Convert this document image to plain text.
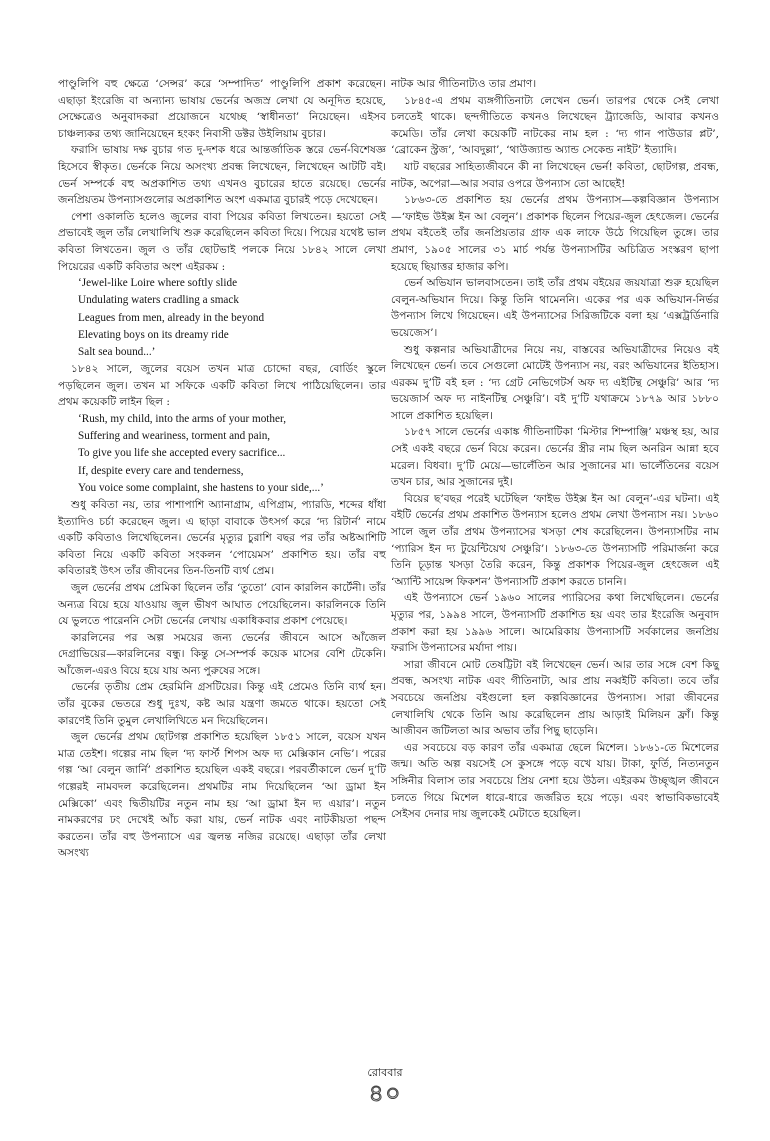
পাণ্ডুলিপি বহু ক্ষেত্রে ‘সেন্সর’ করে ‘সম্পাদিত’ পাণ্ডুলিপি প্রকাশ করেছেন। এছাড়া ইংরেজি বা অন্যান্য ভাষায় ভের্নের অজস্র লেখা যে অনূদিত হয়েছে, সেক্ষেত্রেও অনুবাদকরা প্রয়োজনে যথেচ্ছ ‘স্বাধীনতা’ নিয়েছেন। এইসব চাঞ্চল্যকর তথ্য জানিয়েছেন হংকং নিবাসী ডক্টর উইলিয়াম বুচার।

ফরাসি ভাষায় দক্ষ বুচার গত দু-দশক ধরে আন্তর্জাতিক স্তরে ভের্ন-বিশেষজ্ঞ হিসেবে স্বীকৃত। ভের্নকে নিয়ে অসংখ্য প্রবন্ধ লিখেছেন, লিখেছেন আটটি বই। ভের্ন সম্পর্কে বহু অপ্রকাশিত তথ্য এখনও বুচারের হাতে রয়েছে। ভের্নের জনপ্রিয়তম উপন্যাসগুলোর অপ্রকাশিত অংশ একমাত্র বুচারই পড়ে দেখেছেন।

পেশা ওকালতি হলেও জুলের বাবা পিয়ের কবিতা লিখতেন। হয়তো সেই প্রভাবেই জুল তাঁর লেখালিখি শুরু করেছিলেন কবিতা দিয়ে। পিয়ের যথেষ্ট ভাল কবিতা লিখতেন। জুল ও তাঁর ছোটভাই পলকে নিয়ে ১৮৪২ সালে লেখা পিয়েরের একটি কবিতার অংশ এইরকম :

‘Jewel-like Loire where softly slide
Undulating waters cradling a smack
Leagues from men, already in the beyond
Elevating boys on its dreamy ride
Salt sea bound...’

১৮৪২ সালে, জুলের বয়েস তখন মাত্র চোদ্দো বছর, বোর্ডিং স্কুলে পড়ছিলেন জুল। তখন মা সফিকে একটি কবিতা লিখে পাঠিয়েছিলেন। তার প্রথম কয়েকটি লাইন ছিল :

‘Rush, my child, into the arms of your mother,
Suffering and weariness, torment and pain,
To give you life she accepted every sacrifice...
If, despite every care and tenderness,
You voice some complaint, she hastens to your side,...’

শুধু কবিতা নয়, তার পাশাপাশি অ্যানাগ্রাম, এপিগ্রাম, প্যারডি, শব্দের ধাঁধা ইত্যাদিও চর্চা করেছেন জুল। এ ছাড়া বাবাকে উৎসর্গ করে ‘দ্য রিটার্ন’ নামে একটি কবিতাও লিখেছিলেন। ভের্নের মৃত্যুর চুরাশি বছর পর তাঁর অষ্টআশিটি কবিতা নিয়ে একটি কবিতা সংকলন ‘পোয়েমস’ প্রকাশিত হয়। তাঁর বহু কবিতারই উৎস তাঁর জীবনের তিন-তিনটি ব্যর্থ প্রেম।

জুল ভের্নের প্রথম প্রেমিকা ছিলেন তাঁর ‘তুতো’ বোন কারলিন কার্টেনী। তাঁর অন্যত্র বিয়ে হয়ে যাওয়ায় জুল ভীষণ আঘাত পেয়েছিলেন। কারলিনকে তিনি যে ভুলতে পারেননি সেটা ভের্নের লেখায় একাধিকবার প্রকাশ পেয়েছে।

কারলিনের পর অল্প সময়ের জন্য ভের্নের জীবনে আসে আঁজেল দেগ্রাভিয়ের—কারলিনের বন্ধু। কিন্তু সে-সম্পর্ক কয়েক মাসের বেশি টেকেনি। আঁজেল-এরও বিয়ে হয়ে যায় অন্য পুরুষের সঙ্গে।

ভের্নের তৃতীয় প্রেম হেরমিনি গ্রসটিয়ের। কিন্তু এই প্রেমেও তিনি ব্যর্থ হন। তাঁর বুকের ভেতরে শুধু দুঃখ, কষ্ট আর যন্ত্রণা জমতে থাকে। হয়তো সেই কারণেই তিনি তুমুল লেখালিখিতে মন দিয়েছিলেন।

জুল ভের্নের প্রথম ছোটগল্প প্রকাশিত হয়েছিল ১৮৫১ সালে, বয়েস যখন মাত্র তেইশ। গল্পের নাম ছিল ‘দ্য ফার্স্ট শিপস অফ দ্য মেক্সিকান নেভি’। পরের গল্প ‘আ বেলুন জার্নি’ প্রকাশিত হয়েছিল একই বছরে। পরবর্তীকালে ভের্ন দু’টি গল্পেরই নামবদল করেছিলেন। প্রথমটির নাম দিয়েছিলেন ‘আ ড্রামা ইন মেক্সিকো’ এবং দ্বিতীয়টির নতুন নাম হয় ‘আ ড্রামা ইন দ্য এয়ার’। নতুন নামকরণের ঢং দেখেই আঁচ করা যায়, ভের্ন নাটক এবং নাটকীয়তা পছন্দ করতেন। তাঁর বহু উপন্যাসে এর জ্বলন্ত নজির রয়েছে। এছাড়া তাঁর লেখা অসংখ্য

নাটক আর গীতিনাট্যও তার প্রমাণ।

১৮৪৫-এ প্রথম ব্যঙ্গগীতিনাট্য লেখেন ভের্ন। তারপর থেকে সেই লেখা চলতেই থাকে। ছন্দগীতিতে কখনও লিখেছেন ট্র্যাজেডি, আবার কখনও কমেডি। তাঁর লেখা কয়েকটি নাটকের নাম হল : ‘দ্য গান পাউডার প্লট’, ‘ব্রোকেন স্ট্রজ’, ‘আবদুল্লা’, ‘থাউজ্যান্ড অ্যান্ড সেকেন্ড নাইট’ ইত্যাদি।

যাট বছরের সাহিত্যজীবনে কী না লিখেছেন ভের্ন! কবিতা, ছোটগল্প, প্রবন্ধ, নাটক, অপেরা—আর সবার ওপরে উপন্যাস তো আছেই!

১৮৬৩-তে প্রকাশিত হয় ভের্নের প্রথম উপন্যাস—কল্পবিজ্ঞান উপন্যাস—‘ফাইভ উইক্স ইন আ বেলুন’। প্রকাশক ছিলেন পিয়ের-জুল হেৎজেল। ভের্নের প্রথম বইতেই তাঁর জনপ্রিয়তার গ্রাফ এক লাফে উঠে গিয়েছিল তুঙ্গে। তার প্রমাণ, ১৯০৫ সালের ৩১ মার্চ পর্যন্ত উপন্যাসটির অচিত্রিত সংস্করণ ছাপা হয়েছে ছিয়াত্তর হাজার কপি।

ভের্ন অভিযান ভালবাসতেন। তাই তাঁর প্রথম বইয়ের জয়যাত্রা শুরু হয়েছিল বেলুন-অভিযান দিয়ে। কিন্তু তিনি থামেননি। একের পর এক অভিযান-নির্ভর উপন্যাস লিখে গিয়েছেন। এই উপন্যাসের সিরিজটিকে বলা হয় ‘এক্সট্রর্ডিনারি ভয়েজেস’।

শুধু কল্পনার অভিযাত্রীদের নিয়ে নয়, বাস্তবের অভিযাত্রীদের নিয়েও বই লিখেছেন ভের্ন। তবে সেগুলো মোটেই উপন্যাস নয়, বরং অভিযানের ইতিহাস। এরকম দু’টি বই হল : ‘দ্য গ্রেট নেভিগেটর্স অফ দ্য এইটিন্থ সেঞ্চুরি’ আর ‘দ্য ভয়েজার্স অফ দ্য নাইনটিন্থ সেঞ্চুরি’। বই দু’টি যথাক্রমে ১৮৭৯ আর ১৮৮০ সালে প্রকাশিত হয়েছিল।

১৮৫৭ সালে ভের্নের একাঙ্ক গীতিনাটিকা ‘মিস্টার শিম্পাঞ্জি’ মঞ্চস্থ হয়, আর সেই একই বছরে ভের্ন বিয়ে করেন। ভের্নের স্ত্রীর নাম ছিল অনরিন আন্না হবে মরেল। বিধবা। দু’টি মেয়ে—ভালেঁতিন আর সুজানের মা। ভালেঁতিনের বয়েস তখন চার, আর সুজানের দুই।

বিয়ের ছ’বছর পরেই ঘটেছিল ‘ফাইভ উইক্স ইন আ বেলুন’-এর ঘটনা। এই বইটি ভের্নের প্রথম প্রকাশিত উপন্যাস হলেও প্রথম লেখা উপন্যাস নয়। ১৮৬০ সালে জুল তাঁর প্রথম উপন্যাসের খসড়া শেষ করেছিলেন। উপন্যাসটির নাম ‘প্যারিস ইন দ্য টুয়েন্টিয়েথ সেঞ্চুরি’। ১৮৬৩-তে উপন্যাসটি পরিমার্জনা করে তিনি চূড়ান্ত খসড়া তৈরি করেন, কিন্তু প্রকাশক পিয়ের-জুল হেৎজেল এই ‘অ্যান্টি সায়েন্স ফিকশন’ উপন্যাসটি প্রকাশ করতে চাননি।

এই উপন্যাসে ভের্ন ১৯৬০ সালের প্যারিসের কথা লিখেছিলেন। ভের্নের মৃত্যুর পর, ১৯৯৪ সালে, উপন্যাসটি প্রকাশিত হয় এবং তার ইংরেজি অনুবাদ প্রকাশ করা হয় ১৯৯৬ সালে। আমেরিকায় উপন্যাসটি সর্বকালের জনপ্রিয় ফরাসি উপন্যাসের মর্যাদা পায়।

সারা জীবনে মোট তেষট্টিটা বই লিখেছেন ভের্ন। আর তার সঙ্গে বেশ কিছু প্রবন্ধ, অসংখ্য নাটক এবং গীতিনাট্য, আর প্রায় নব্বইটি কবিতা। তবে তাঁর সবচেয়ে জনপ্রিয় বইগুলো হল কল্পবিজ্ঞানের উপন্যাস। সারা জীবনের লেখালিখি থেকে তিনি আয় করেছিলেন প্রায় আড়াই মিলিয়ন ফ্রাঁ। কিন্তু আজীবন জটিলতা আর অভাব তাঁর পিছু ছাড়েনি।

এর সবচেয়ে বড় কারণ তাঁর একমাত্র ছেলে মিশেল। ১৮৬১-তে মিশেলের জন্ম। অতি অল্প বয়সেই সে কুসঙ্গে পড়ে বখে যায়। টাকা, ফুর্তি, নিত্যনতুন সঙ্গিনীর বিলাস তার সবচেয়ে প্রিয় নেশা হয়ে উঠল। এইরকম উচ্ছৃঙ্খল জীবনে চলতে গিয়ে মিশেল ধারে-ধারে জর্জরিত হয়ে পড়ে। এবং স্বাভাবিকভাবেই সেইসব দেনার দায় জুলকেই মেটাতে হয়েছিল।

রোববার
৪০
